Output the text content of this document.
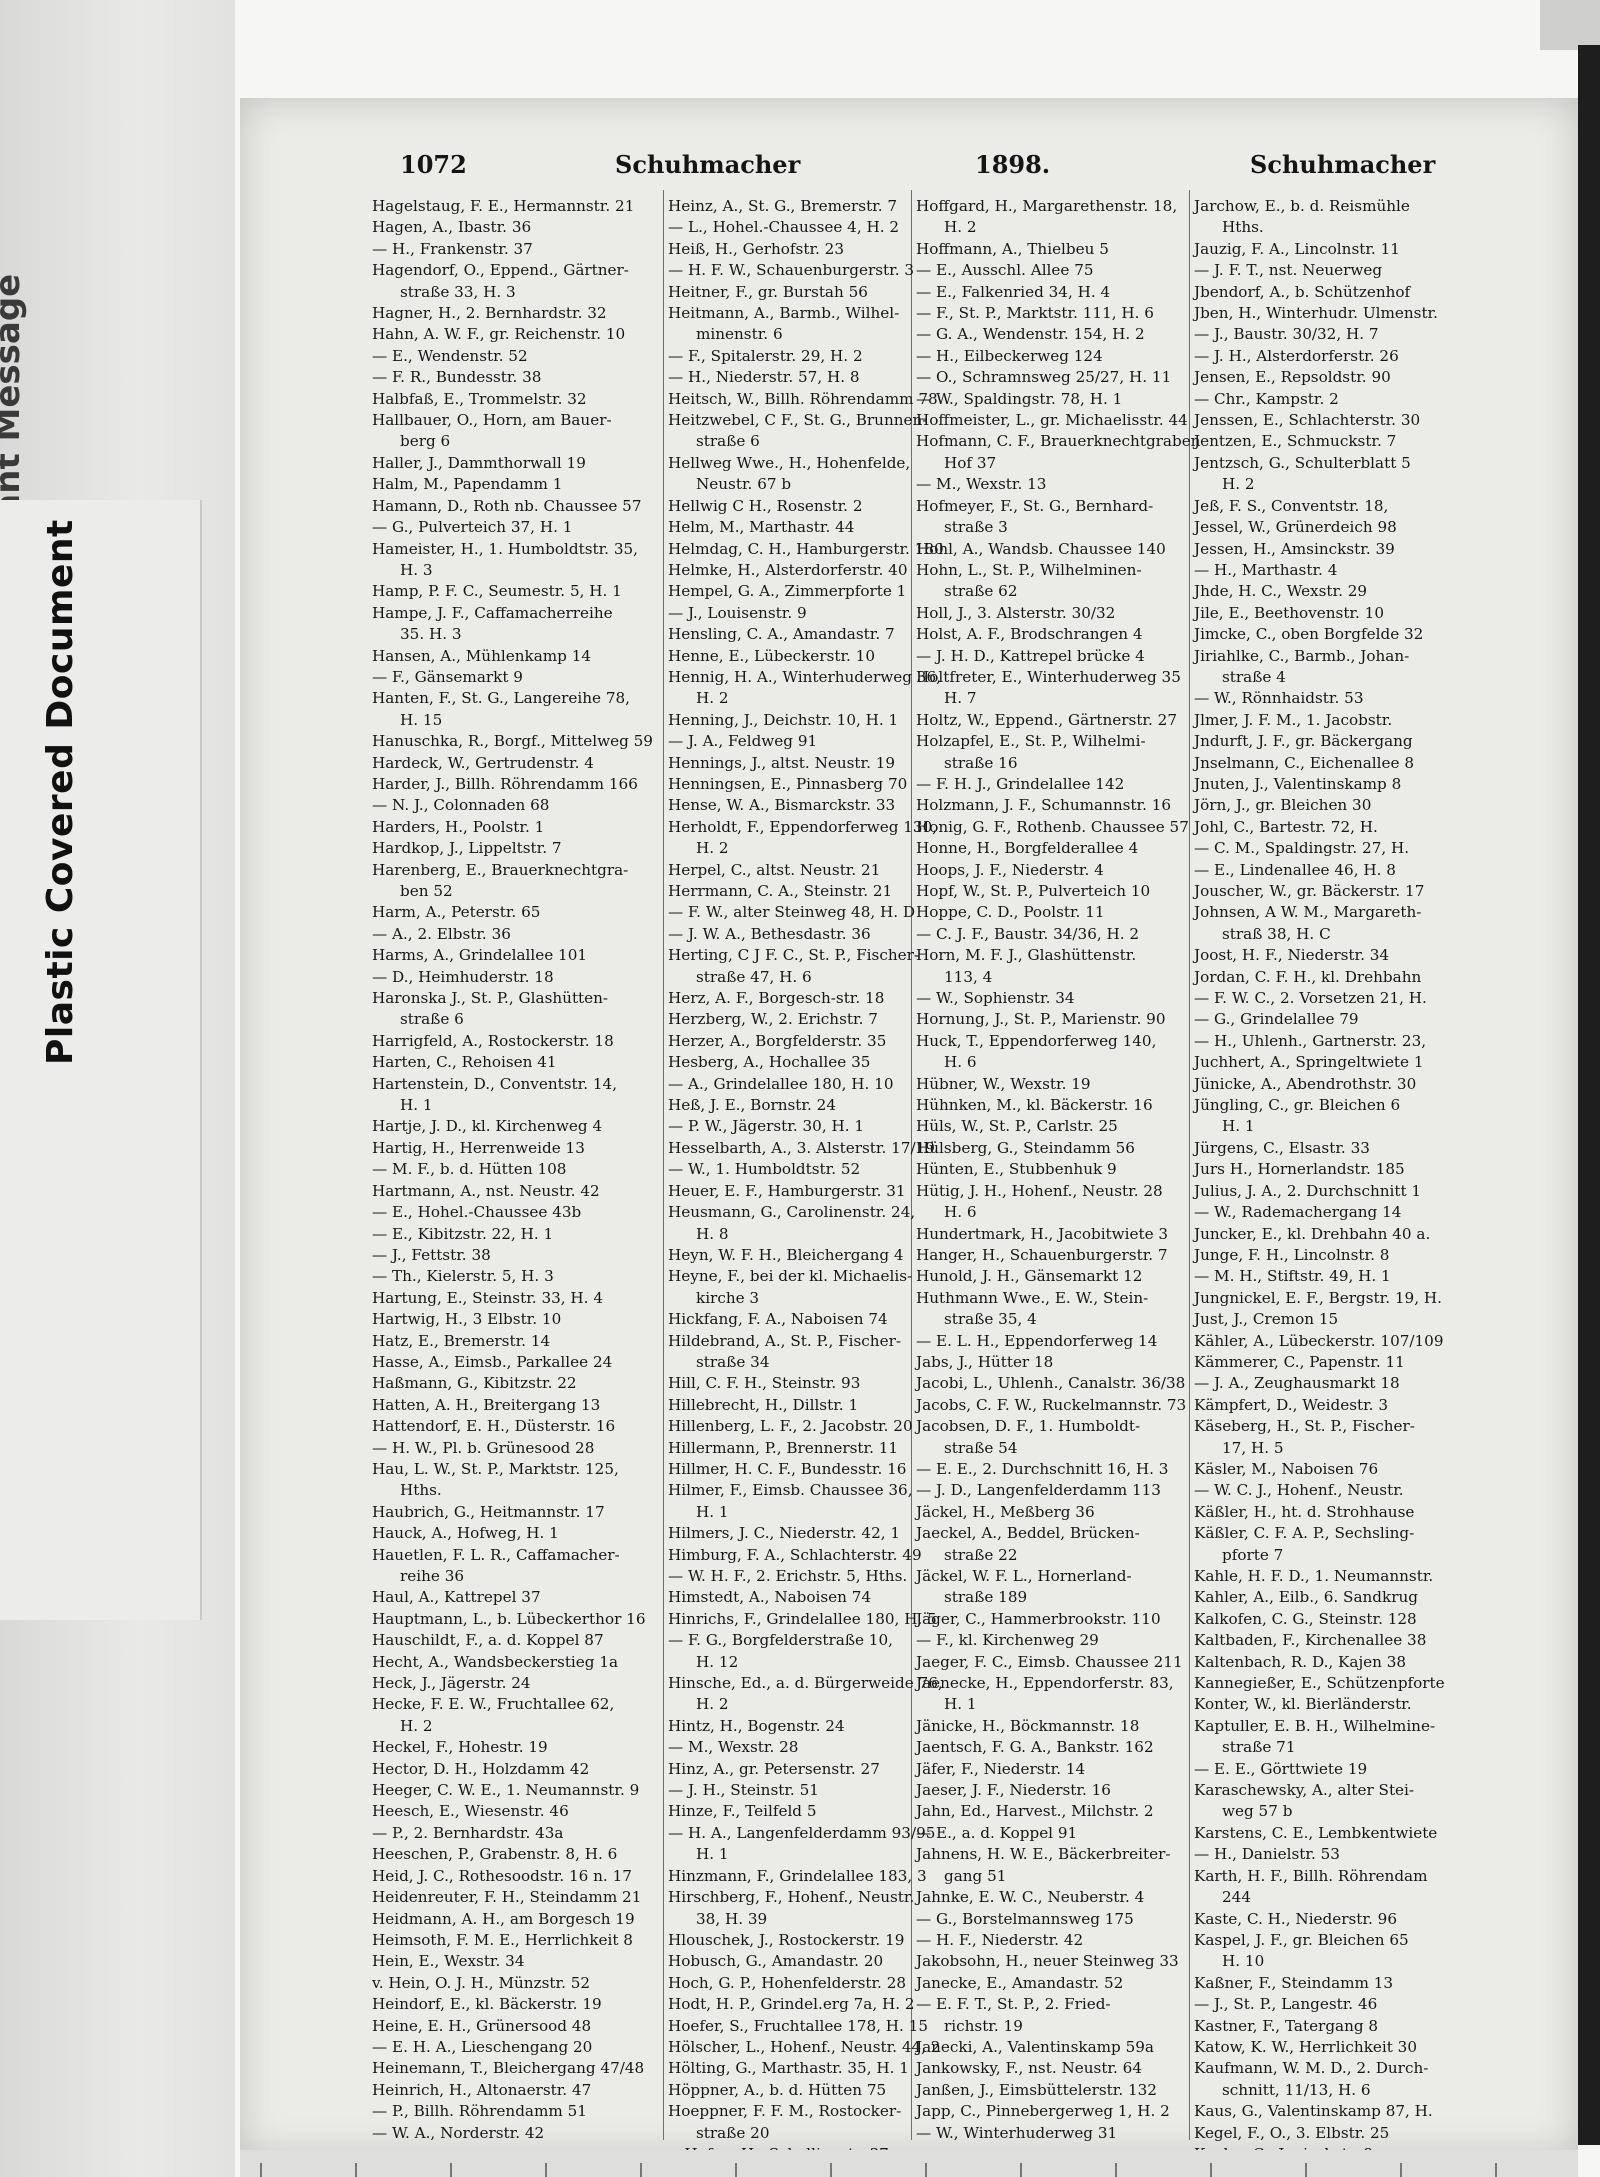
Plastic Covered Document
1072	Schuhmacher	1898.	Schuhmacher
Hagelstaug, F. E., Hermannstr. 21
Hagen, A., Ibastr. 36
— H., Frankenstr. 37
Hagendorf, O., Eppend., Gärtner-
straße 33, H. 3
Hagner, H., 2. Bernhardstr. 32
Hahn, A. W. F., gr. Reichenstr. 10
— E., Wendenstr. 52
— F. R., Bundesstr. 38
Halbfaß, E., Trommelstr. 32
Hallbauer, O., Horn, am Bauer-
berg 6
Haller, J., Dammthorwall 19
Halm, M., Papendamm 1
Hamann, D., Roth nb. Chaussee 57
— G., Pulverteich 37, H. 1
Hameister, H., 1. Humboldtstr. 35,
H. 3
Hamp, P. F. C., Seumestr. 5, H. 1
Hampe, J. F., Caffamacherreihe
35. H. 3
Hansen, A., Mühlenkamp 14
— F., Gänsemarkt 9
Hanten, F., St. G., Langereihe 78,
H. 15
Hanuschka, R., Borgf., Mittelweg 59
Hardeck, W., Gertrudenstr. 4
Harder, J., Billh. Röhrendamm 166
— N. J., Colonnaden 68
Harders, H., Poolstr. 1
Hardkop, J., Lippeltstr. 7
Harenberg, E., Brauerknechtgra-
ben 52
Harm, A., Peterstr. 65
— A., 2. Elbstr. 36
Harms, A., Grindelallee 101
— D., Heimhuderstr. 18
Haronska J., St. P., Glashütten-
straße 6
Harrigfeld, A., Rostockerstr. 18
Harten, C., Rehoisen 41
Hartenstein, D., Conventstr. 14,
H. 1
Hartje, J. D., kl. Kirchenweg 4
Hartig, H., Herrenweide 13
— M. F., b. d. Hütten 108
Hartmann, A., nst. Neustr. 42
— E., Hohel.-Chaussee 43b
— E., Kibitzstr. 22, H. 1
— J., Fettstr. 38
— Th., Kielerstr. 5, H. 3
Hartung, E., Steinstr. 33, H. 4
Hartwig, H., 3 Elbstr. 10
Hatz, E., Bremerstr. 14
Hasse, A., Eimsb., Parkallee 24
Haßmann, G., Kibitzstr. 22
Hatten, A. H., Breitergang 13
Hattendorf, E. H., Düsterstr. 16
— H. W., Pl. b. Grünesood 28
Hau, L. W., St. P., Marktstr. 125,
Hths.
Haubrich, G., Heitmannstr. 17
Hauck, A., Hofweg, H. 1
Hauetlen, F. L. R., Caffamacher-
reihe 36
Haul, A., Kattrepel 37
Hauptmann, L., b. Lübeckerthor 16
Hauschildt, F., a. d. Koppel 87
Hecht, A., Wandsbeckerstieg 1a
Heck, J., Jägerstr. 24
Hecke, F. E. W., Fruchtallee 62,
H. 2
Heckel, F., Hohestr. 19
Hector, D. H., Holzdamm 42
Heeger, C. W. E., 1. Neumannstr. 9
Heesch, E., Wiesenstr. 46
— P., 2. Bernhardstr. 43a
Heeschen, P., Grabenstr. 8, H. 6
Heid, J. C., Rothesoodstr. 16 n. 17
Heidenreuter, F. H., Steindamm 21
Heidmann, A. H., am Borgesch 19
Heimsoth, F. M. E., Herrlichkeit 8
Hein, E., Wexstr. 34
v. Hein, O. J. H., Münzstr. 52
Heindorf, E., kl. Bäckerstr. 19
Heine, E. H., Grünersood 48
— E. H. A., Lieschengang 20
Heinemann, T., Bleichergang 47/48
Heinrich, H., Altonaerstr. 47
— P., Billh. Röhrendamm 51
— W. A., Norderstr. 42
Heinz, A., St. G., Bremerstr. 7
— L., Hohel.-Chaussee 4, H. 2
Heiß, H., Gerhofstr. 23
— H. F. W., Schauenburgerstr. 3
Heitner, F., gr. Burstah 56
Heitmann, A., Barmb., Wilhel-
minenstr. 6
— F., Spitalerstr. 29, H. 2
— H., Niederstr. 57, H. 8
Heitsch, W., Billh. Röhrendamm 78
Heitzwebel, C F., St. G., Brunnen-
straße 6
Hellweg Wwe., H., Hohenfelde,
Neustr. 67 b
Hellwig C H., Rosenstr. 2
Helm, M., Marthastr. 44
Helmdag, C. H., Hamburgerstr. 180
Helmke, H., Alsterdorferstr. 40
Hempel, G. A., Zimmerpforte 1
— J., Louisenstr. 9
Hensling, C. A., Amandastr. 7
Henne, E., Lübeckerstr. 10
Hennig, H. A., Winterhuderweg 36,
H. 2
Henning, J., Deichstr. 10, H. 1
— J. A., Feldweg 91
Hennings, J., altst. Neustr. 19
Henningsen, E., Pinnasberg 70
Hense, W. A., Bismarckstr. 33
Herholdt, F., Eppendorferweg 130,
H. 2
Herpel, C., altst. Neustr. 21
Herrmann, C. A., Steinstr. 21
— F. W., alter Steinweg 48, H. D
— J. W. A., Bethesdastr. 36
Herting, C J F. C., St. P., Fischer-
straße 47, H. 6
Herz, A. F., Borgesch-str. 18
Herzberg, W., 2. Erichstr. 7
Herzer, A., Borgfelderstr. 35
Hesberg, A., Hochallee 35
— A., Grindelallee 180, H. 10
Heß, J. E., Bornstr. 24
— P. W., Jägerstr. 30, H. 1
Hesselbarth, A., 3. Alsterstr. 17/19
— W., 1. Humboldtstr. 52
Heuer, E. F., Hamburgerstr. 31
Heusmann, G., Carolinenstr. 24,
H. 8
Heyn, W. F. H., Bleichergang 4
Heyne, F., bei der kl. Michaelis-
kirche 3
Hickfang, F. A., Naboisen 74
Hildebrand, A., St. P., Fischer-
straße 34
Hill, C. F. H., Steinstr. 93
Hillebrecht, H., Dillstr. 1
Hillenberg, L. F., 2. Jacobstr. 20
Hillermann, P., Brennerstr. 11
Hillmer, H. C. F., Bundesstr. 16
Hilmer, F., Eimsb. Chaussee 36,
H. 1
Hilmers, J. C., Niederstr. 42, 1
Himburg, F. A., Schlachterstr. 49
— W. H. F., 2. Erichstr. 5, Hths.
Himstedt, A., Naboisen 74
Hinrichs, F., Grindelallee 180, H. 5
— F. G., Borgfelderstraße 10,
H. 12
Hinsche, Ed., a. d. Bürgerweide 76,
H. 2
Hintz, H., Bogenstr. 24
— M., Wexstr. 28
Hinz, A., gr. Petersenstr. 27
— J. H., Steinstr. 51
Hinze, F., Teilfeld 5
— H. A., Langenfelderdamm 93/95
H. 1
Hinzmann, F., Grindelallee 183, 3
Hirschberg, F., Hohenf., Neustr.
38, H. 39
Hlouschek, J., Rostockerstr. 19
Hobusch, G., Amandastr. 20
Hoch, G. P., Hohenfelderstr. 28
Hodt, H. P., Grindel.erg 7a, H. 2
Hoefer, S., Fruchtallee 178, H. 15
Hölscher, L., Hohenf., Neustr. 44, 2
Hölting, G., Marthastr. 35, H. 1
Höppner, A., b. d. Hütten 75
Hoeppner, F. F. M., Rostocker-
straße 20
Hoffgard, H., Margarethenstr. 18,
H. 2
Hoffmann, A., Thielbeu 5
— E., Ausschl. Allee 75
— E., Falkenried 34, H. 4
— F., St. P., Marktstr. 111, H. 6
— G. A., Wendenstr. 154, H. 2
— H., Eilbeckerweg 124
— O., Schramnsweg 25/27, H. 11
— W., Spaldingstr. 78, H. 1
Hoffmeister, L., gr. Michaelisstr. 44
Hofmann, C. F., Brauerknechtgraben
Hof 37
— M., Wexstr. 13
Hofmeyer, F., St. G., Bernhard-
straße 3
Hohl, A., Wandsb. Chaussee 140
Hohn, L., St. P., Wilhelminen-
straße 62
Holl, J., 3. Alsterstr. 30/32
Holst, A. F., Brodschrangen 4
— J. H. D., Kattrepel brücke 4
Holtfreter, E., Winterhuderweg 35
H. 7
Holtz, W., Eppend., Gärtnerstr. 27
Holzapfel, E., St. P., Wilhelmi-
straße 16
— F. H. J., Grindelallee 142
Holzmann, J. F., Schumannstr. 16
Honig, G. F., Rothenb. Chaussee 57
Honne, H., Borgfelderallee 4
Hoops, J. F., Niederstr. 4
Hopf, W., St. P., Pulverteich 10
Hoppe, C. D., Poolstr. 11
— C. J. F., Baustr. 34/36, H. 2
Horn, M. F. J., Glashüttenstr.
113, 4
— W., Sophienstr. 34
Hornung, J., St. P., Marienstr. 90
Huck, T., Eppendorferweg 140,
H. 6
Hübner, W., Wexstr. 19
Hühnken, M., kl. Bäckerstr. 16
Hüls, W., St. P., Carlstr. 25
Hülsberg, G., Steindamm 56
Hünten, E., Stubbenhuk 9
Hütig, J. H., Hohenf., Neustr. 28
H. 6
Hundertmark, H., Jacobitwiete 3
Hanger, H., Schauenburgerstr. 7
Hunold, J. H., Gänsemarkt 12
Huthmann Wwe., E. W., Stein-
straße 35, 4
— E. L. H., Eppendorferweg 14
Jabs, J., Hütter 18
Jacobi, L., Uhlenh., Canalstr. 36/38
Jacobs, C. F. W., Ruckelmannstr. 73
Jacobsen, D. F., 1. Humboldt-
straße 54
— E. E., 2. Durchschnitt 16, H. 3
— J. D., Langenfelderdamm 113
Jäckel, H., Meßberg 36
Jaeckel, A., Beddel, Brücken-
straße 22
Jäckel, W. F. L., Hornerland-
straße 189
Jäger, C., Hammerbrookstr. 110
— F., kl. Kirchenweg 29
Jaeger, F. C., Eimsb. Chaussee 211
Jaenecke, H., Eppendorferstr. 83,
H. 1
Jänicke, H., Böckmannstr. 18
Jaentsch, F. G. A., Bankstr. 162
Jäfer, F., Niederstr. 14
Jaeser, J. F., Niederstr. 16
Jahn, Ed., Harvest., Milchstr. 2
— E., a. d. Koppel 91
Jahnens, H. W. E., Bäckerbreiter-
gang 51
Jahnke, E. W. C., Neuberstr. 4
— G., Borstelmannsweg 175
— H. F., Niederstr. 42
Jakobsohn, H., neuer Steinweg 33
Janecke, E., Amandastr. 52
— E. F. T., St. P., 2. Fried-
richstr. 19
Janecki, A., Valentinskamp 59a
Jankowsky, F., nst. Neustr. 64
Janßen, J., Eimsbüttelerstr. 132
Japp, C., Pinnebergerweg 1, H. 2
— W., Winterhuderweg 31
Jarchow, E., b. d. Reismühle
Hths.
Jauzig, F. A., Lincolnstr. 11
— J. F. T., nst. Neuerweg
Jbendorf, A., b. Schützenhof
Jben, H., Winterhudr. Ulmenstr.
— J., Baustr. 30/32, H. 7
— J. H., Alsterdorferstr. 26
Jensen, E., Repsoldstr. 90
— Chr., Kampstr. 2
Jenssen, E., Schlachterstr. 30
Jentzen, E., Schmuckstr. 7
Jentzsch, G., Schulterblatt 5
H. 2
Jeß, F. S., Conventstr. 18,
Jessel, W., Grünerdeich 98
Jessen, H., Amsinckstr. 39
— H., Marthastr. 4
Jhde, H. C., Wexstr. 29
Jile, E., Beethovenstr. 10
Jimcke, C., oben Borgfelde 32
Jiriahlke, C., Barmb., Johan-
straße 4
— W., Rönnhaidstr. 53
Jlmer, J. F. M., 1. Jacobstr.
Jndurft, J. F., gr. Bäckergang
Jnselmann, C., Eichenallee 8
Jnuten, J., Valentinskamp 8
Jörn, J., gr. Bleichen 30
Johl, C., Bartestr. 72, H.
— C. M., Spaldingstr. 27, H.
— E., Lindenallee 46, H. 8
Jouscher, W., gr. Bäckerstr. 17
Johnsen, A W. M., Margareth-
straß 38, H. C
Joost, H. F., Niederstr. 34
Jordan, C. F. H., kl. Drehbahn
— F. W. C., 2. Vorsetzen 21, H.
— G., Grindelallee 79
— H., Uhlenh., Gartnerstr. 23,
Juchhert, A., Springeltwiete 1
Jünicke, A., Abendrothstr. 30
Jüngling, C., gr. Bleichen 6
H. 1
Jürgens, C., Elsastr. 33
Jurs H., Hornerlandstr. 185
Julius, J. A., 2. Durchschnitt 1
— W., Rademachergang 14
Juncker, E., kl. Drehbahn 40 a.
Junge, F. H., Lincolnstr. 8
— M. H., Stiftstr. 49, H. 1
Jungnickel, E. F., Bergstr. 19, H.
Just, J., Cremon 15
Kähler, A., Lübeckerstr. 107/109
Kämmerer, C., Papenstr. 11
— J. A., Zeughausmarkt 18
Kämpfert, D., Weidestr. 3
Käseberg, H., St. P., Fischer-
17, H. 5
Käsler, M., Naboisen 76
— W. C. J., Hohenf., Neustr.
Käßler, H., ht. d. Strohhause
Käßler, C. F. A. P., Sechsling-
pforte 7
Kahle, H. F. D., 1. Neumannstr.
Kahler, A., Eilb., 6. Sandkrug
Kalkofen, C. G., Steinstr. 128
Kaltbaden, F., Kirchenallee 38
Kaltenbach, R. D., Kajen 38
Kannegießer, E., Schützenpforte
Konter, W., kl. Bierländerstr.
Kaptuller, E. B. H., Wilhelmine-
straße 71
— E. E., Görttwiete 19
Karaschewsky, A., alter Stei-
weg 57 b
Karstens, C. E., Lembkentwiete
— H., Danielstr. 53
Karth, H. F., Billh. Röhrendam
244
Kaste, C. H., Niederstr. 96
Kaspel, J. F., gr. Bleichen 65
H. 10
Kaßner, F., Steindamm 13
— J., St. P., Langestr. 46
Kastner, F., Tatergang 8
Katow, K. W., Herrlichkeit 30
Kaufmann, W. M. D., 2. Durch-
schnitt, 11/13, H. 6
Kaus, G., Valentinskamp 87, H.
Kegel, F., O., 3. Elbstr. 25
